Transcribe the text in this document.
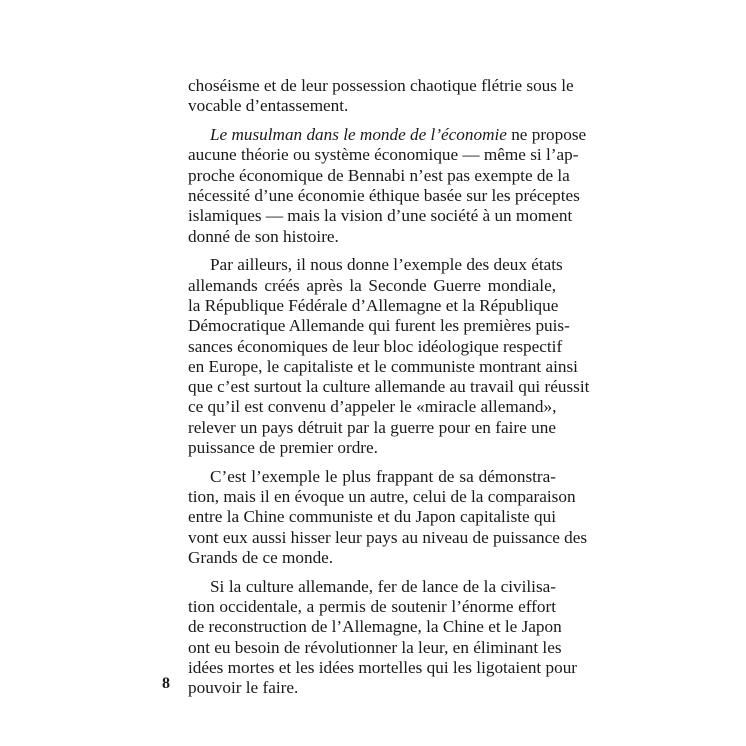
choséisme et de leur possession chaotique flétrie sous le
vocable d’entassement.
Le musulman dans le monde de l’économie ne propose
aucune théorie ou système économique — même si l’ap-
proche économique de Bennabi n’est pas exempte de la
nécessité d’une économie éthique basée sur les préceptes
islamiques — mais la vision d’une société à un moment
donné de son histoire.
Par ailleurs, il nous donne l’exemple des deux états
allemands créés après la Seconde Guerre mondiale,
la République Fédérale d’Allemagne et la République
Démocratique Allemande qui furent les premières puis-
sances économiques de leur bloc idéologique respectif
en Europe, le capitaliste et le communiste montrant ainsi
que c’est surtout la culture allemande au travail qui réussit
ce qu’il est convenu d’appeler le «miracle allemand»,
relever un pays détruit par la guerre pour en faire une
puissance de premier ordre.
C’est l’exemple le plus frappant de sa démonstra-
tion, mais il en évoque un autre, celui de la comparaison
entre la Chine communiste et du Japon capitaliste qui
vont eux aussi hisser leur pays au niveau de puissance des
Grands de ce monde.
Si la culture allemande, fer de lance de la civilisa-
tion occidentale, a permis de soutenir l’énorme effort
de reconstruction de l’Allemagne, la Chine et le Japon
ont eu besoin de révolutionner la leur, en éliminant les
idées mortes et les idées mortelles qui les ligotaient pour
pouvoir le faire.
8
